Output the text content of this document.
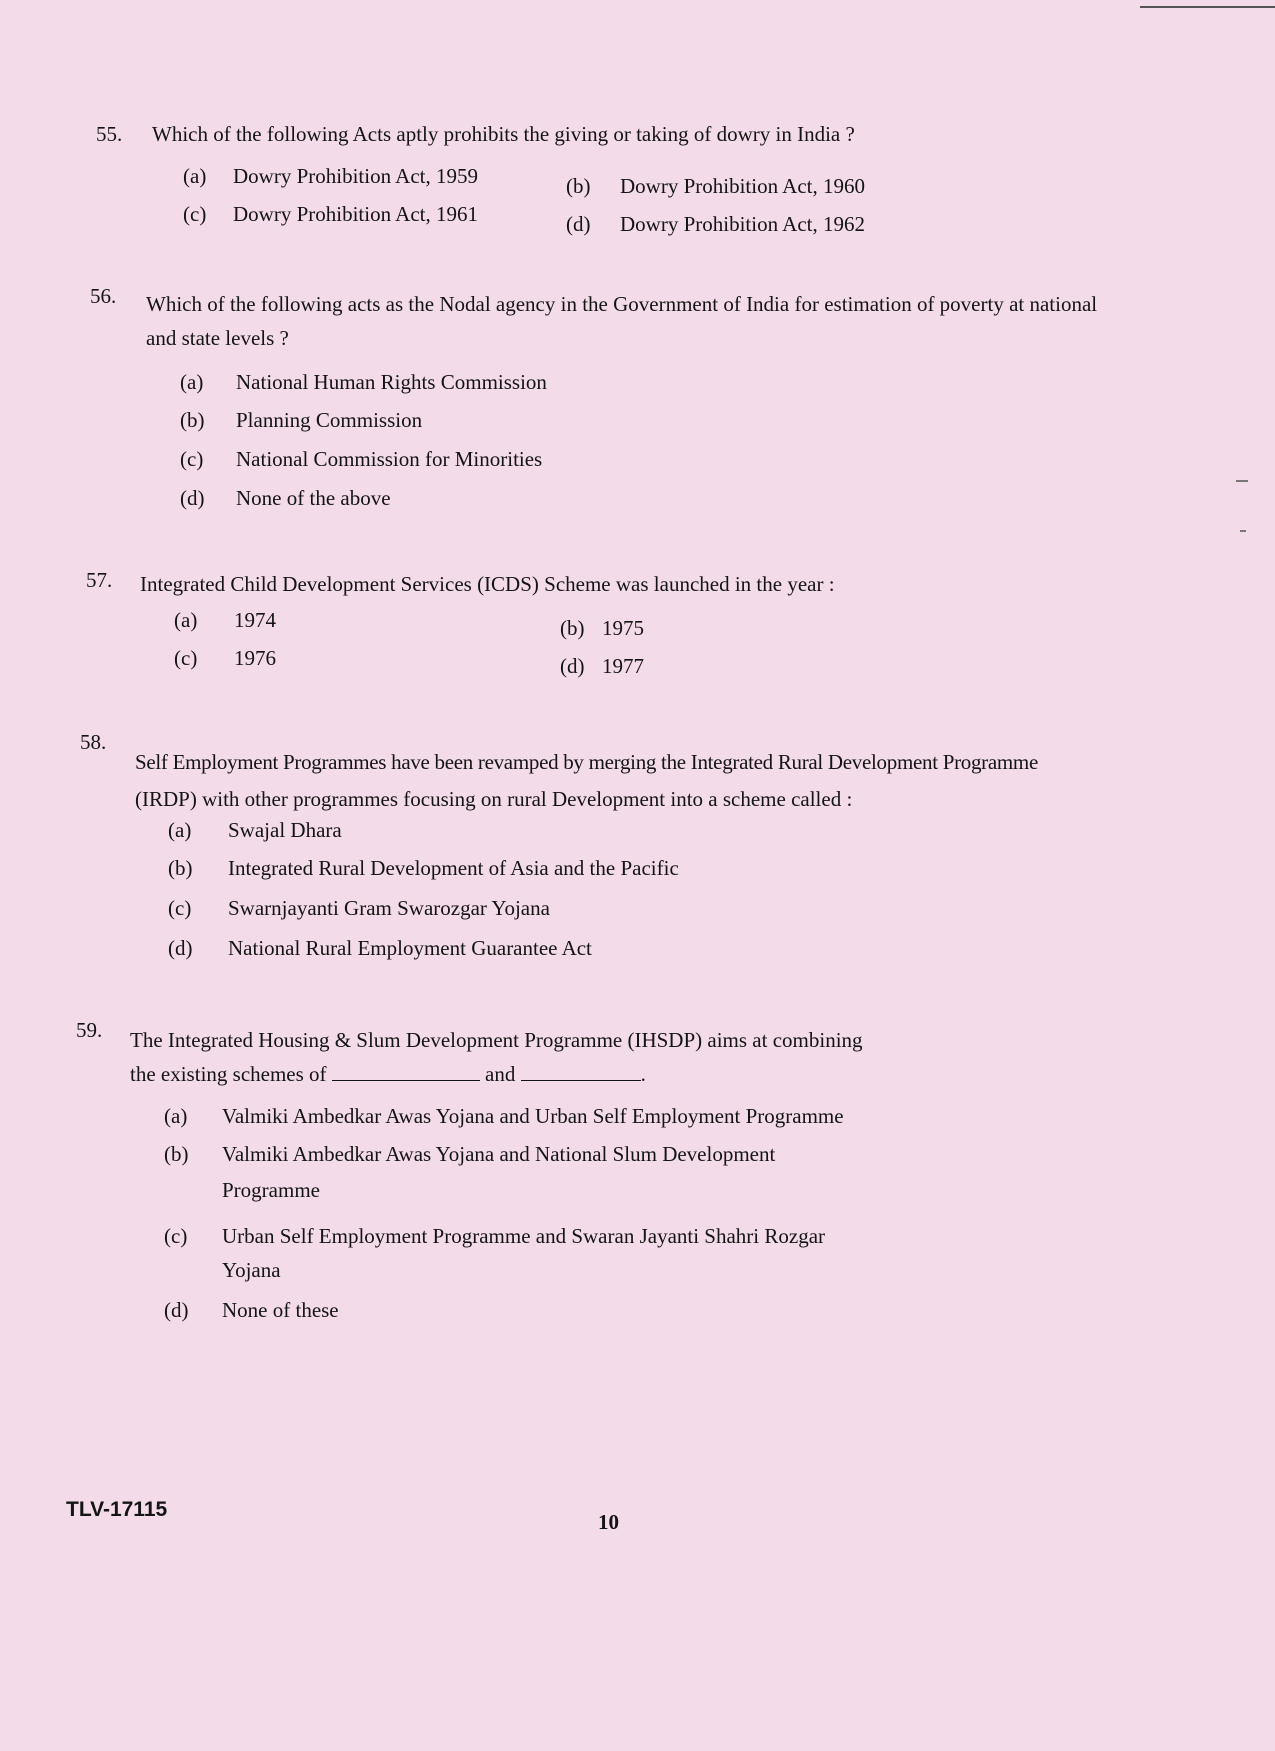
55. Which of the following Acts aptly prohibits the giving or taking of dowry in India ?
(a) Dowry Prohibition Act, 1959	(b) Dowry Prohibition Act, 1960
(c) Dowry Prohibition Act, 1961	(d) Dowry Prohibition Act, 1962
56. Which of the following acts as the Nodal agency in the Government of India for estimation of poverty at national
and state levels ?
(a) National Human Rights Commission
(b) Planning Commission
(c) National Commission for Minorities
(d) None of the above
57. Integrated Child Development Services (ICDS) Scheme was launched in the year :
(a) 1974	(b) 1975
(c) 1976	(d) 1977
58.
Self Employment Programmes have been revamped by merging the Integrated Rural Development Programme
(IRDP) with other programmes focusing on rural Development into a scheme called :
(a) Swajal Dhara
(b) Integrated Rural Development of Asia and the Pacific
(c) Swarnjayanti Gram Swarozgar Yojana
(d) National Rural Employment Guarantee Act
59. The Integrated Housing & Slum Development Programme (IHSDP) aims at combining
the existing schemes of	and	.
(a) Valmiki Ambedkar Awas Yojana and Urban Self Employment Programme
(b) Valmiki Ambedkar Awas Yojana and National Slum Development
Programme
(c) Urban Self Employment Programme and Swaran Jayanti Shahri Rozgar
Yojana
(d) None of these
TLV-17115
10
